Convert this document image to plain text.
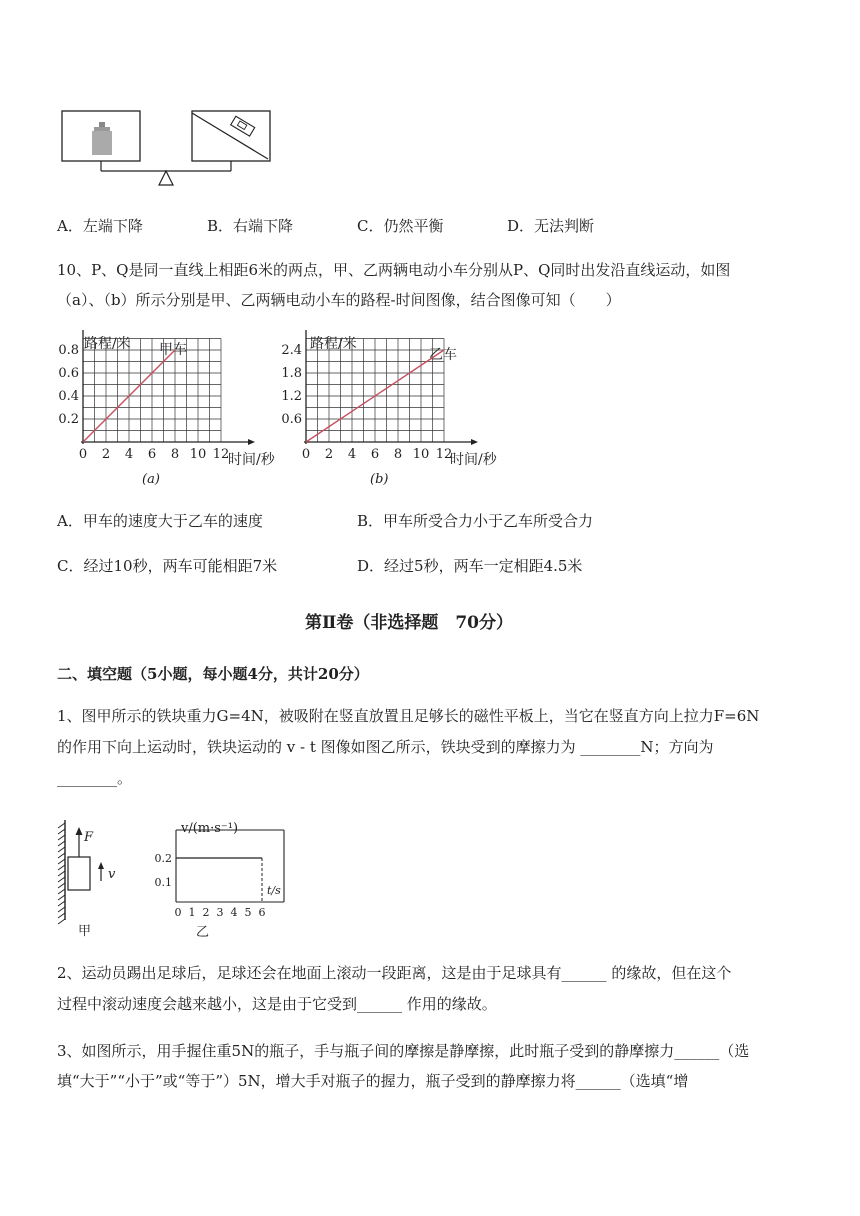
A．左端下降	B．右端下降	C．仍然平衡	D．无法判断
10、P、Q是同一直线上相距6米的两点，甲、乙两辆电动小车分别从P、Q同时出发沿直线运动，如图
（a）、（b）所示分别是甲、乙两辆电动小车的路程-时间图像，结合图像可知（　　）
路程/米 甲车
时间/秒
(a)
0 2 4 6 8 10 12
0.2
0.4
0.6
0.8	路程/米
乙车
时间/秒
(b)
0 2 4 6 8 10 12
0.6
1.2
1.8
2.4
A．甲车的速度大于乙车的速度	B．甲车所受合力小于乙车所受合力
C．经过10秒，两车可能相距7米	D．经过5秒，两车一定相距4.5米
第Ⅱ卷（非选择题　70分）
二、填空题（5小题，每小题4分，共计20分）
1、图甲所示的铁块重力G=4N，被吸附在竖直放置且足够长的磁性平板上，当它在竖直方向上拉力F=6N
的作用下向上运动时，铁块运动的 v - t 图像如图乙所示，铁块受到的摩擦力为 ________N；方向为
________。
F
v
甲
v/(m·s⁻¹)
t/s
乙
0 1 2 3 4 5 6
0.1
0.2
2、运动员踢出足球后，足球还会在地面上滚动一段距离，这是由于足球具有______ 的缘故，但在这个
过程中滚动速度会越来越小，这是由于它受到______ 作用的缘故。
3、如图所示，用手握住重5N的瓶子，手与瓶子间的摩擦是静摩擦，此时瓶子受到的静摩擦力______（选
填“大于”“小于”或“等于”）5N，增大手对瓶子的握力，瓶子受到的静摩擦力将______（选填“增
